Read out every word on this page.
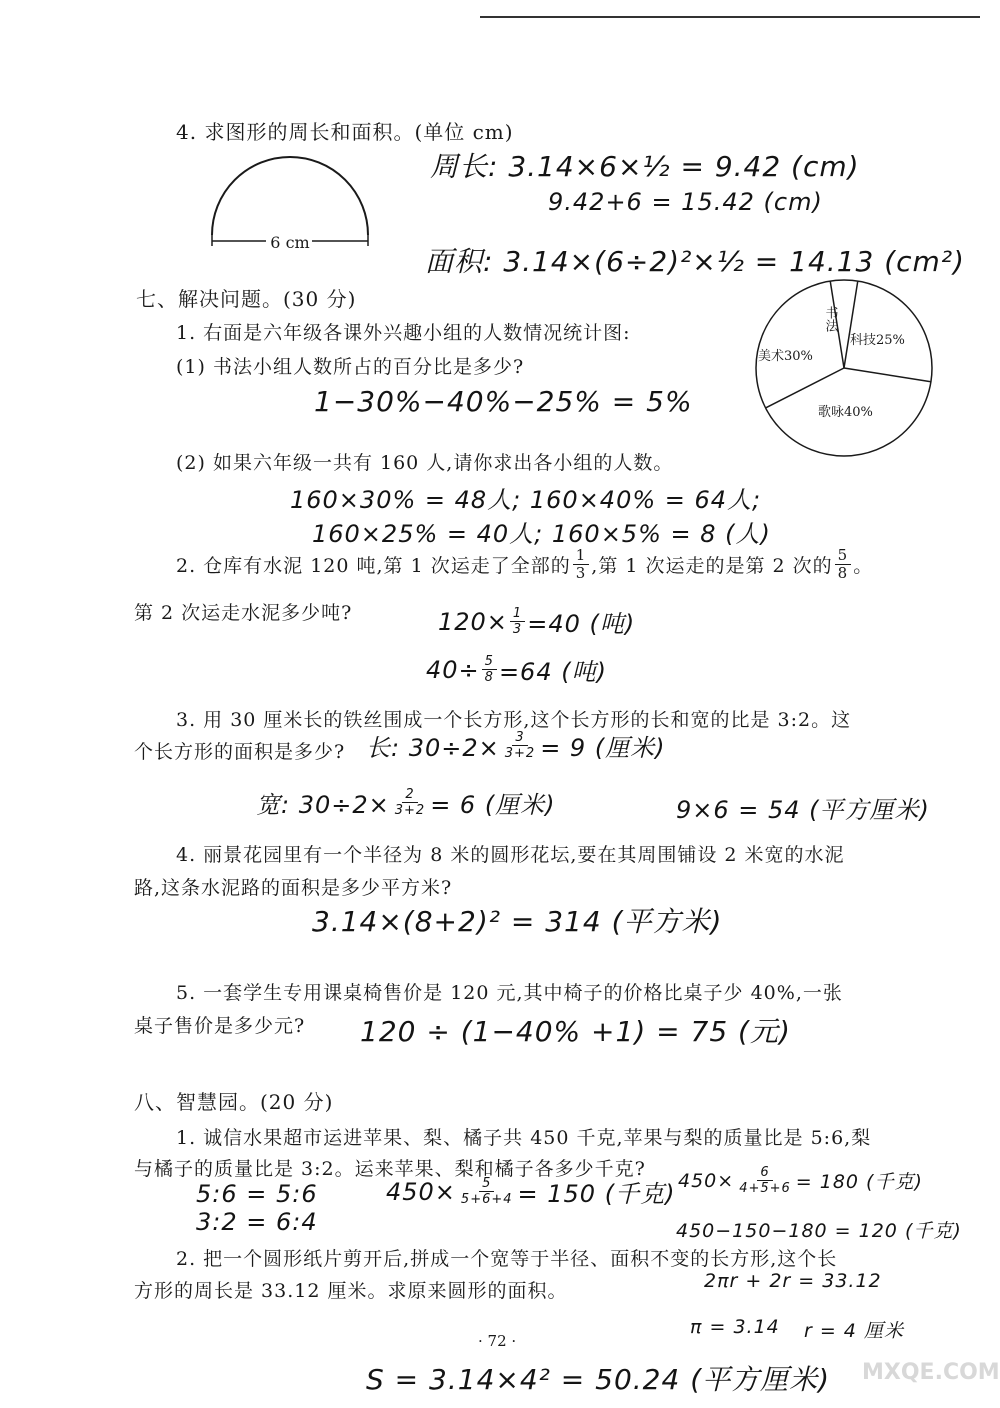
4. 求图形的周长和面积。(单位 cm)
6 cm
周长: 3.14×6×½ = 9.42 (cm)
9.42+6 = 15.42 (cm)
面积: 3.14×(6÷2)²×½ = 14.13 (cm²)
七、解决问题。(30 分)
1. 右面是六年级各课外兴趣小组的人数情况统计图:
(1) 书法小组人数所占的百分比是多少?
1−30%−40%−25% = 5%
书法
科技25%
歌咏40%
美术30%
(2) 如果六年级一共有 160 人,请你求出各小组的人数。
160×30% = 48人; 160×40% = 64人;
160×25% = 40人; 160×5% = 8 (人)
2. 仓库有水泥 120 吨,第 1 次运走了全部的 $\frac{1}{3}$ ,第 1 次运走的是第 2 次的 $\frac{5}{8}$ 。
第 2 次运走水泥多少吨?	$120\times \frac{1}{3} =40$ (吨)
$40\div \frac{5}{8} =64$ (吨)
3. 用 30 厘米长的铁丝围成一个长方形,这个长方形的长和宽的比是 3:2。这
个长方形的面积是多少? 长: $30\div 2\times \frac{3}{3+2} = 9$ (厘米)
宽: $30\div 2\times \frac{2}{3+2} = 6$ (厘米)	9×6 = 54 (平方厘米)
4. 丽景花园里有一个半径为 8 米的圆形花坛,要在其周围铺设 2 米宽的水泥
路,这条水泥路的面积是多少平方米?
3.14×(8+2)² = 314 (平方米)
5. 一套学生专用课桌椅售价是 120 元,其中椅子的价格比桌子少 40%,一张
桌子售价是多少元? 120 ÷ (1−40% +1) = 75 (元)
八、智慧园。(20 分)
1. 诚信水果超市运进苹果、梨、橘子共 450 千克,苹果与梨的质量比是 5:6,梨
与橘子的质量比是 3:2。运来苹果、梨和橘子各多少千克?
5:6 = 5:6
3:2 = 6:4
$450\times \frac{5}{5+6+4} = 150$ (千克) $450\times \frac{6}{4+5+6} = 180$ (千克)
450−150−180 = 120 (千克)
2. 把一个圆形纸片剪开后,拼成一个宽等于半径、面积不变的长方形,这个长
方形的周长是 33.12 厘米。求原来圆形的面积。	2πr + 2r = 33.12
π = 3.14 r = 4 厘米
· 72 ·
S = 3.14×4² = 50.24 (平方厘米) MXQE.COM
